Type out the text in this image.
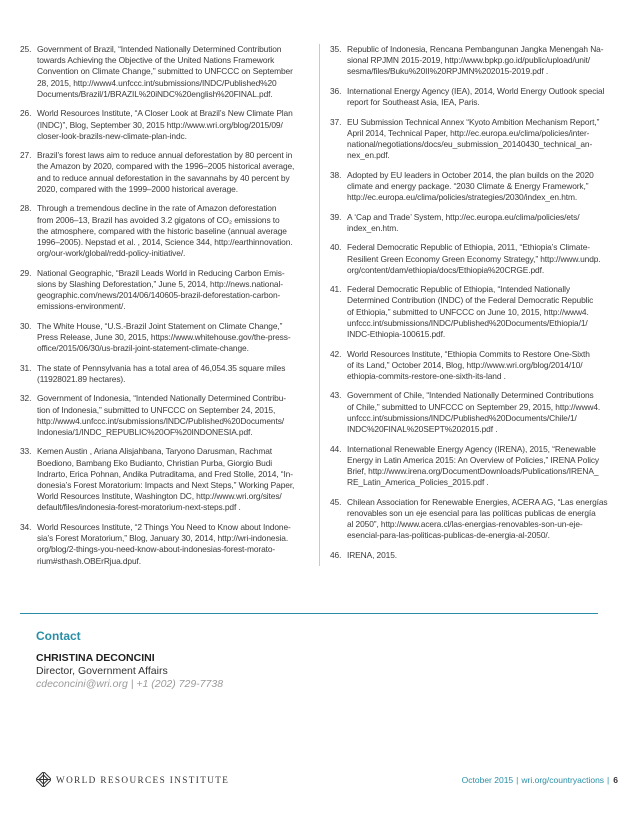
25. Government of Brazil, “Intended Nationally Determined Contribution
towards Achieving the Objective of the United Nations Framework
Convention on Climate Change,” submitted to UNFCCC on September
28, 2015, http://www4.unfccc.int/submissions/INDC/Published%20
Documents/Brazil/1/BRAZIL%20iNDC%20english%20FINAL.pdf.
26. World Resources Institute, “A Closer Look at Brazil’s New Climate Plan
(INDC)”, Blog, September 30, 2015 http://www.wri.org/blog/2015/09/
closer-look-brazils-new-climate-plan-indc.
27. Brazil’s forest laws aim to reduce annual deforestation by 80 percent in
the Amazon by 2020, compared with the 1996–2005 historical average,
and to reduce annual deforestation in the savannahs by 40 percent by
2020, compared with the 1999–2000 historical average.
28. Through a tremendous decline in the rate of Amazon deforestation
from 2006–13, Brazil has avoided 3.2 gigatons of CO₂ emissions to
the atmosphere, compared with the historic baseline (annual average
1996–2005). Nepstad et al. , 2014, Science 344, http://earthinnovation.
org/our-work/global/redd-policy-initiative/.
29. National Geographic, “Brazil Leads World in Reducing Carbon Emis-
sions by Slashing Deforestation,” June 5, 2014, http://news.national-
geographic.com/news/2014/06/140605-brazil-deforestation-carbon-
emissions-environment/.
30. The White House, “U.S.-Brazil Joint Statement on Climate Change,”
Press Release, June 30, 2015, https://www.whitehouse.gov/the-press-
office/2015/06/30/us-brazil-joint-statement-climate-change.
31. The state of Pennsylvania has a total area of 46,054.35 square miles
(11928021.89 hectares).
32. Government of Indonesia, “Intended Nationally Determined Contribu-
tion of Indonesia,” submitted to UNFCCC on September 24, 2015,
http://www4.unfccc.int/submissions/INDC/Published%20Documents/
Indonesia/1/INDC_REPUBLIC%20OF%20INDONESIA.pdf.
33. Kemen Austin , Ariana Alisjahbana, Taryono Darusman, Rachmat
Boediono, Bambang Eko Budianto, Christian Purba, Giorgio Budi
Indrarto, Erica Pohnan, Andika Putraditama, and Fred Stolle, 2014, “In-
donesia’s Forest Moratorium: Impacts and Next Steps,” Working Paper,
World Resources Institute, Washington DC, http://www.wri.org/sites/
default/files/indonesia-forest-moratorium-next-steps.pdf .
34. World Resources Institute, “2 Things You Need to Know about Indone-
sia’s Forest Moratorium,” Blog, January 30, 2014, http://wri-indonesia.
org/blog/2-things-you-need-know-about-indonesias-forest-morato-
rium#sthash.OBErRjua.dpuf.
35. Republic of Indonesia, Rencana Pembangunan Jangka Menengah Na-
sional RPJMN 2015-2019, http://www.bpkp.go.id/public/upload/unit/
sesma/files/Buku%20II%20RPJMN%202015-2019.pdf .
36. International Energy Agency (IEA), 2014, World Energy Outlook special
report for Southeast Asia, IEA, Paris.
37. EU Submission Technical Annex “Kyoto Ambition Mechanism Report,”
April 2014, Technical Paper, http://ec.europa.eu/clima/policies/inter-
national/negotiations/docs/eu_submission_20140430_technical_an-
nex_en.pdf.
38. Adopted by EU leaders in October 2014, the plan builds on the 2020
climate and energy package. “2030 Climate & Energy Framework,”
http://ec.europa.eu/clima/policies/strategies/2030/index_en.htm.
39. A ‘Cap and Trade’ System, http://ec.europa.eu/clima/policies/ets/
index_en.htm.
40. Federal Democratic Republic of Ethiopia, 2011, “Ethiopia’s Climate-
Resilient Green Economy Green Economy Strategy,” http://www.undp.
org/content/dam/ethiopia/docs/Ethiopia%20CRGE.pdf.
41. Federal Democratic Republic of Ethiopia, “Intended Nationally
Determined Contribution (INDC) of the Federal Democratic Republic
of Ethiopia,” submitted to UNFCCC on June 10, 2015, http://www4.
unfccc.int/submissions/INDC/Published%20Documents/Ethiopia/1/
INDC-Ethiopia-100615.pdf.
42. World Resources Institute, “Ethiopia Commits to Restore One-Sixth
of its Land,” October 2014, Blog, http://www.wri.org/blog/2014/10/
ethiopia-commits-restore-one-sixth-its-land .
43. Government of Chile, “Intended Nationally Determined Contributions
of Chile,” submitted to UNFCCC on September 29, 2015, http://www4.
unfccc.int/submissions/INDC/Published%20Documents/Chile/1/
INDC%20FINAL%20SEPT%202015.pdf .
44. International Renewable Energy Agency (IRENA), 2015, “Renewable
Energy in Latin America 2015: An Overview of Policies,” IRENA Policy
Brief, http://www.irena.org/DocumentDownloads/Publications/IRENA_
RE_Latin_America_Policies_2015.pdf .
45. Chilean Association for Renewable Energies, ACERA AG, “Las energías
renovables son un eje esencial para las políticas publicas de energía
al 2050”, http://www.acera.cl/las-energias-renovables-son-un-eje-
esencial-para-las-politicas-publicas-de-energia-al-2050/.
46. IRENA, 2015.
Contact
CHRISTINA DECONCINI
Director, Government Affairs
cdeconcini@wri.org | +1 (202) 729-7738
WORLD RESOURCES INSTITUTE	October 2015 | wri.org/countryactions | 6
